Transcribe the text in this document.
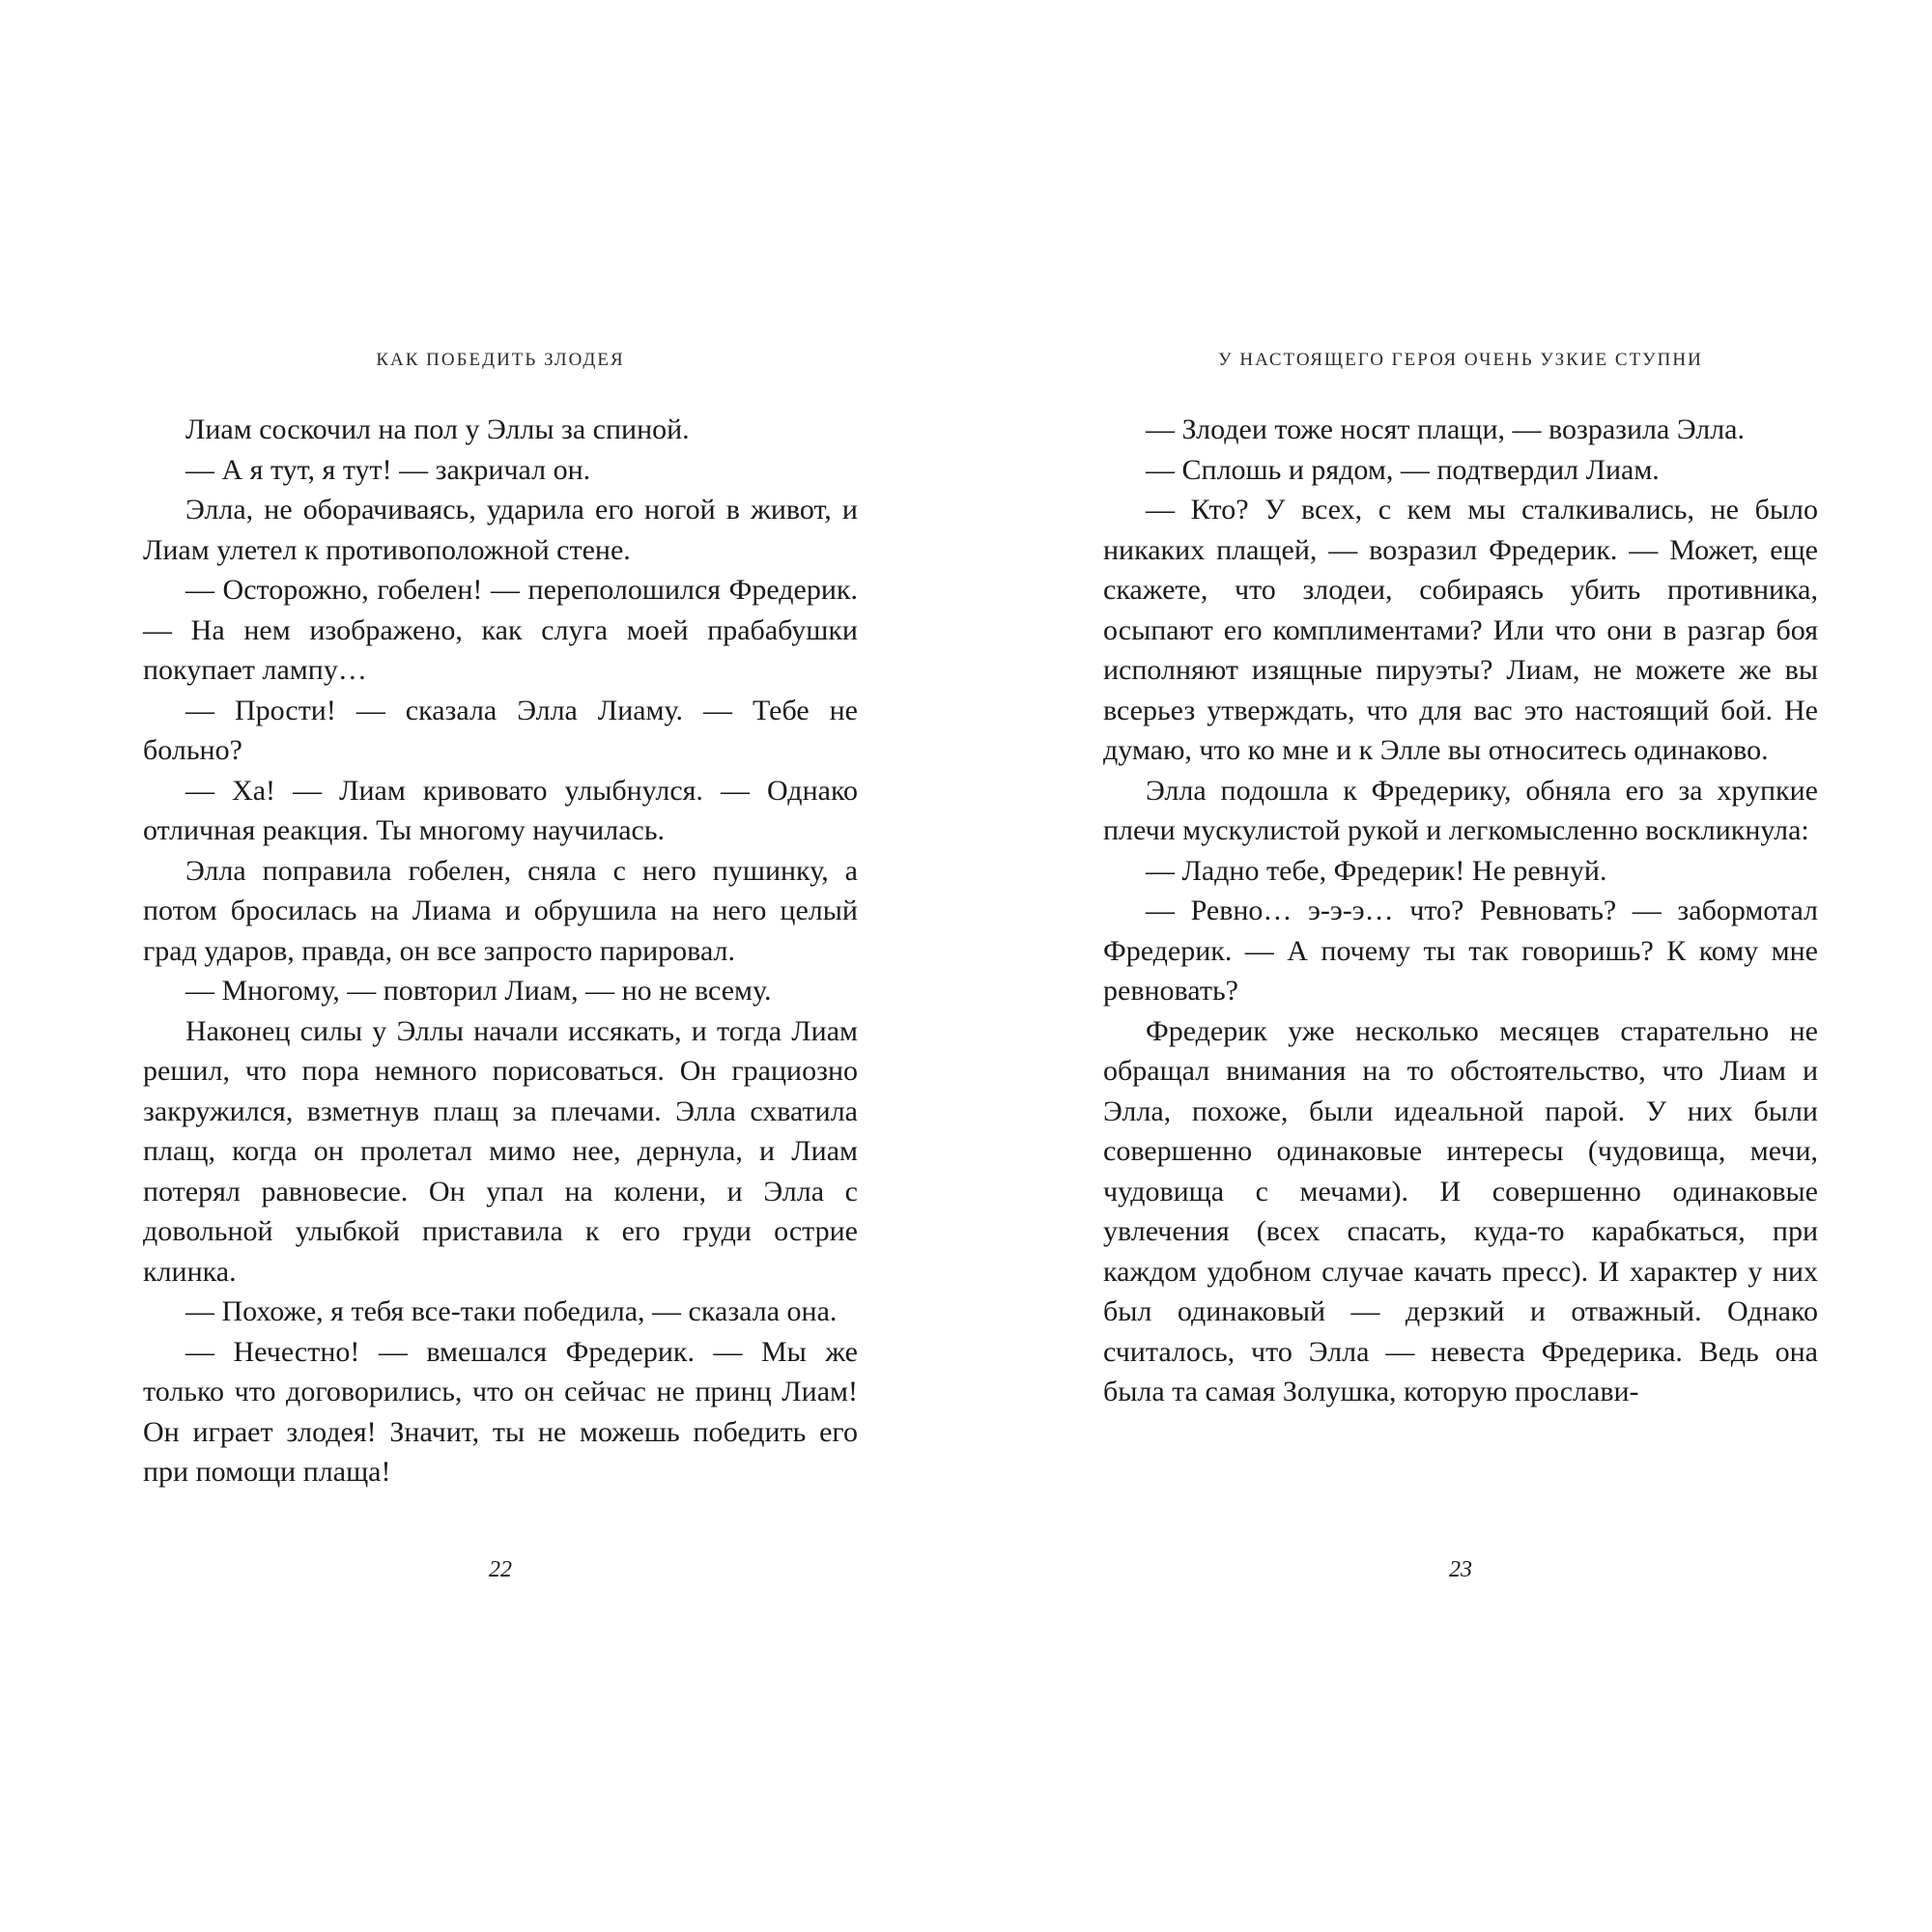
КАК ПОБЕДИТЬ ЗЛОДЕЯ

Лиам соскочил на пол у Эллы за спиной.

— А я тут, я тут! — закричал он.

Элла, не оборачиваясь, ударила его ногой в живот, и Лиам улетел к противоположной стене.

— Осторожно, гобелен! — переполошился Фредерик. — На нем изображено, как слуга моей прабабушки покупает лампу…

— Прости! — сказала Элла Лиаму. — Тебе не больно?

— Ха! — Лиам кривовато улыбнулся. — Однако отличная реакция. Ты многому научилась.

Элла поправила гобелен, сняла с него пушинку, а потом бросилась на Лиама и обрушила на него целый град ударов, правда, он все запросто парировал.

— Многому, — повторил Лиам, — но не всему.

Наконец силы у Эллы начали иссякать, и тогда Лиам решил, что пора немного порисоваться. Он грациозно закружился, взметнув плащ за плечами. Элла схватила плащ, когда он пролетал мимо нее, дернула, и Лиам потерял равновесие. Он упал на колени, и Элла с довольной улыбкой приставила к его груди острие клинка.

— Похоже, я тебя все-таки победила, — сказала она.

— Нечестно! — вмешался Фредерик. — Мы же только что договорились, что он сейчас не принц Лиам! Он играет злодея! Значит, ты не можешь победить его при помощи плаща!

22
У НАСТОЯЩЕГО ГЕРОЯ ОЧЕНЬ УЗКИЕ СТУПНИ

— Злодеи тоже носят плащи, — возразила Элла.

— Сплошь и рядом, — подтвердил Лиам.

— Кто? У всех, с кем мы сталкивались, не было никаких плащей, — возразил Фредерик. — Может, еще скажете, что злодеи, собираясь убить противника, осыпают его комплиментами? Или что они в разгар боя исполняют изящные пируэты? Лиам, не можете же вы всерьез утверждать, что для вас это настоящий бой. Не думаю, что ко мне и к Элле вы относитесь одинаково.

Элла подошла к Фредерику, обняла его за хрупкие плечи мускулистой рукой и легкомысленно воскликнула:

— Ладно тебе, Фредерик! Не ревнуй.

— Ревно… э-э-э… что? Ревновать? — забормотал Фредерик. — А почему ты так говоришь? К кому мне ревновать?

Фредерик уже несколько месяцев старательно не обращал внимания на то обстоятельство, что Лиам и Элла, похоже, были идеальной парой. У них были совершенно одинаковые интересы (чудовища, мечи, чудовища с мечами). И совершенно одинаковые увлечения (всех спасать, куда-то карабкаться, при каждом удобном случае качать пресс). И характер у них был одинаковый — дерзкий и отважный. Однако считалось, что Элла — невеста Фредерика. Ведь она была та самая Золушка, которую прослави-

23
